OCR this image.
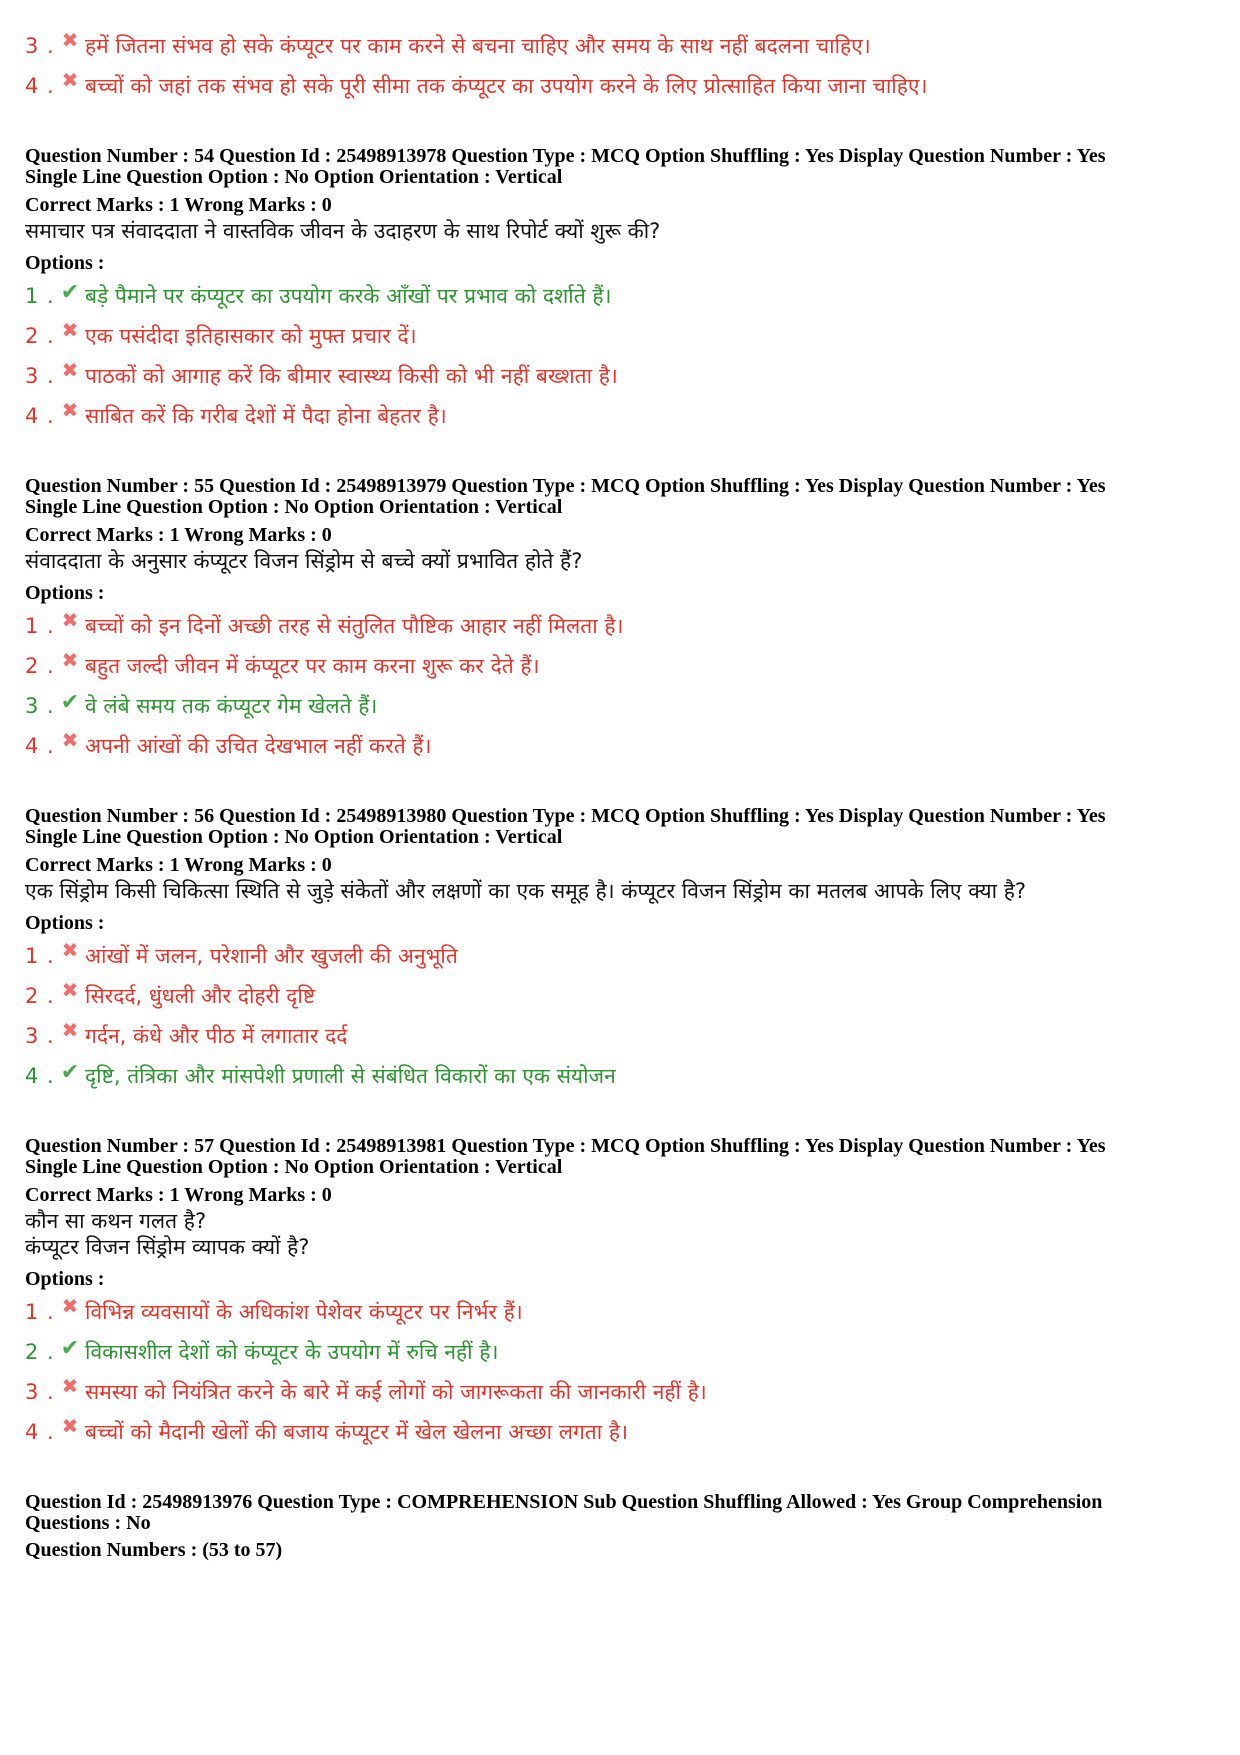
3 . ✖ हमें जितना संभव हो सके कंप्यूटर पर काम करने से बचना चाहिए और समय के साथ नहीं बदलना चाहिए।
4 . ✖ बच्चों को जहां तक संभव हो सके पूरी सीमा तक कंप्यूटर का उपयोग करने के लिए प्रोत्साहित किया जाना चाहिए।
Question Number : 54 Question Id : 25498913978 Question Type : MCQ Option Shuffling : Yes Display Question Number : Yes
Single Line Question Option : No Option Orientation : Vertical
Correct Marks : 1 Wrong Marks : 0
समाचार पत्र संवाददाता ने वास्तविक जीवन के उदाहरण के साथ रिपोर्ट क्यों शुरू की?
Options :
1 . ✔ बड़े पैमाने पर कंप्यूटर का उपयोग करके आँखों पर प्रभाव को दर्शाते हैं।
2 . ✖ एक पसंदीदा इतिहासकार को मुफ्त प्रचार दें।
3 . ✖ पाठकों को आगाह करें कि बीमार स्वास्थ्य किसी को भी नहीं बख्शता है।
4 . ✖ साबित करें कि गरीब देशों में पैदा होना बेहतर है।
Question Number : 55 Question Id : 25498913979 Question Type : MCQ Option Shuffling : Yes Display Question Number : Yes
Single Line Question Option : No Option Orientation : Vertical
Correct Marks : 1 Wrong Marks : 0
संवाददाता के अनुसार कंप्यूटर विजन सिंड्रोम से बच्चे क्यों प्रभावित होते हैं?
Options :
1 . ✖ बच्चों को इन दिनों अच्छी तरह से संतुलित पौष्टिक आहार नहीं मिलता है।
2 . ✖ बहुत जल्दी जीवन में कंप्यूटर पर काम करना शुरू कर देते हैं।
3 . ✔ वे लंबे समय तक कंप्यूटर गेम खेलते हैं।
4 . ✖ अपनी आंखों की उचित देखभाल नहीं करते हैं।
Question Number : 56 Question Id : 25498913980 Question Type : MCQ Option Shuffling : Yes Display Question Number : Yes
Single Line Question Option : No Option Orientation : Vertical
Correct Marks : 1 Wrong Marks : 0
एक सिंड्रोम किसी चिकित्सा स्थिति से जुड़े संकेतों और लक्षणों का एक समूह है। कंप्यूटर विजन सिंड्रोम का मतलब आपके लिए क्या है?
Options :
1 . ✖ आंखों में जलन, परेशानी और खुजली की अनुभूति
2 . ✖ सिरदर्द, धुंधली और दोहरी दृष्टि
3 . ✖ गर्दन, कंधे और पीठ में लगातार दर्द
4 . ✔ दृष्टि, तंत्रिका और मांसपेशी प्रणाली से संबंधित विकारों का एक संयोजन
Question Number : 57 Question Id : 25498913981 Question Type : MCQ Option Shuffling : Yes Display Question Number : Yes
Single Line Question Option : No Option Orientation : Vertical
Correct Marks : 1 Wrong Marks : 0
कौन सा कथन गलत है?
कंप्यूटर विजन सिंड्रोम व्यापक क्यों है?
Options :
1 . ✖ विभिन्न व्यवसायों के अधिकांश पेशेवर कंप्यूटर पर निर्भर हैं।
2 . ✔ विकासशील देशों को कंप्यूटर के उपयोग में रुचि नहीं है।
3 . ✖ समस्या को नियंत्रित करने के बारे में कई लोगों को जागरूकता की जानकारी नहीं है।
4 . ✖ बच्चों को मैदानी खेलों की बजाय कंप्यूटर में खेल खेलना अच्छा लगता है।
Question Id : 25498913976 Question Type : COMPREHENSION Sub Question Shuffling Allowed : Yes Group Comprehension
Questions : No
Question Numbers : (53 to 57)
